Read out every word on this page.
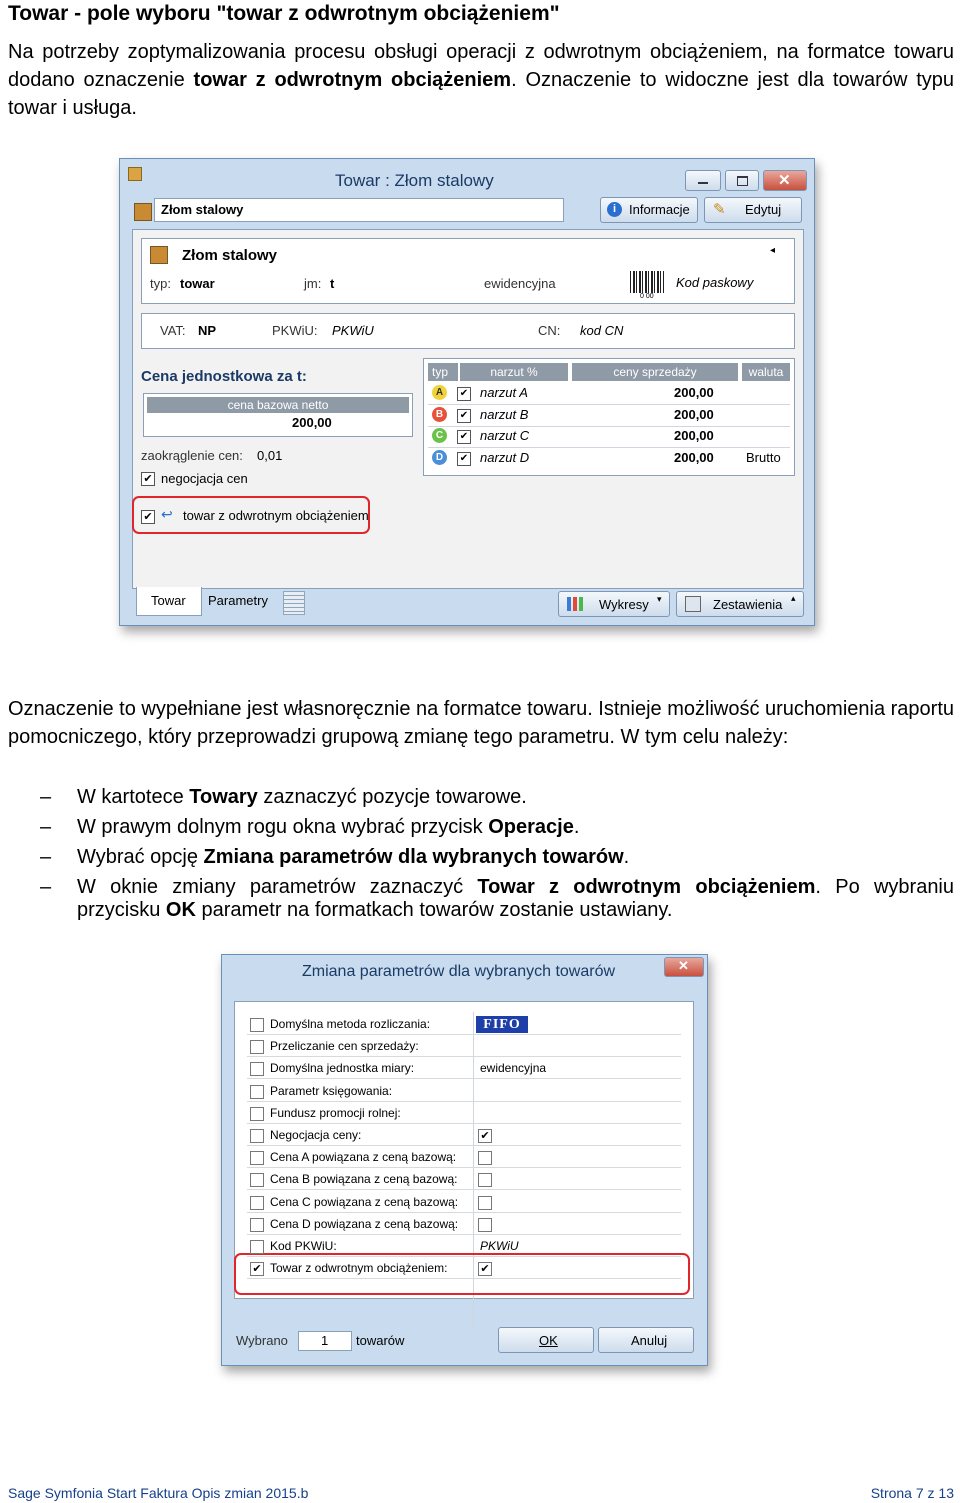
Towar - pole wyboru "towar z odwrotnym obciążeniem"

Na potrzeby zoptymalizowania procesu obsługi operacji z odwrotnym obciążeniem, na formatce towaru dodano oznaczenie towar z odwrotnym obciążeniem. Oznaczenie to widoczne jest dla towarów typu towar i usługa.

Towar : Złom stalowy	✕
Złom stalowy	i Informacje ✎ Edytuj
Złom stalowy	◂
typ: towar	jm: t	ewidencyjna
0 00
Kod paskowy
VAT: NP	PKWiU: PKWiU	CN: kod CN
Cena jednostkowa za t:
cena bazowa netto
200,00
zaokrąglenie cen: 0,01
✔ negocjacja cen
✔ ↩ towar z odwrotnym obciążeniem
typ	narzut %	ceny sprzedaży	waluta
A	✔ narzut A	200,00
B	✔ narzut B	200,00
C	✔ narzut C	200,00
D	✔ narzut D	200,00 Brutto
Towar Parametry	Wykresy ▾	Zestawienia ▴

Oznaczenie to wypełniane jest własnoręcznie na formatce towaru. Istnieje możliwość uruchomienia raportu pomocniczego, który przeprowadzi grupową zmianę tego parametru. W tym celu należy:

– W kartotece Towary zaznaczyć pozycje towarowe.
– W prawym dolnym rogu okna wybrać przycisk Operacje.
– Wybrać opcję Zmiana parametrów dla wybranych towarów.
– W oknie zmiany parametrów zaznaczyć Towar z odwrotnym obciążeniem. Po wybraniu przycisku OK parametr na formatkach towarów zostanie ustawiany.
Zmiana parametrów dla wybranych towarów	✕
Wybrano	1 towarów	OK	Anuluj
Domyślna metoda rozliczania:	FIFO
Przeliczanie cen sprzedaży:
Domyślna jednostka miary:	ewidencyjna
Parametr księgowania:
Fundusz promocji rolnej:
Negocjacja ceny:	✔
Cena A powiązana z ceną bazową:
Cena B powiązana z ceną bazową:
Cena C powiązana z ceną bazową:
Cena D powiązana z ceną bazową:
Kod PKWiU:	PKWiU
✔ Towar z odwrotnym obciążeniem:	✔
Sage Symfonia Start Faktura Opis zmian 2015.b	Strona 7 z 13
